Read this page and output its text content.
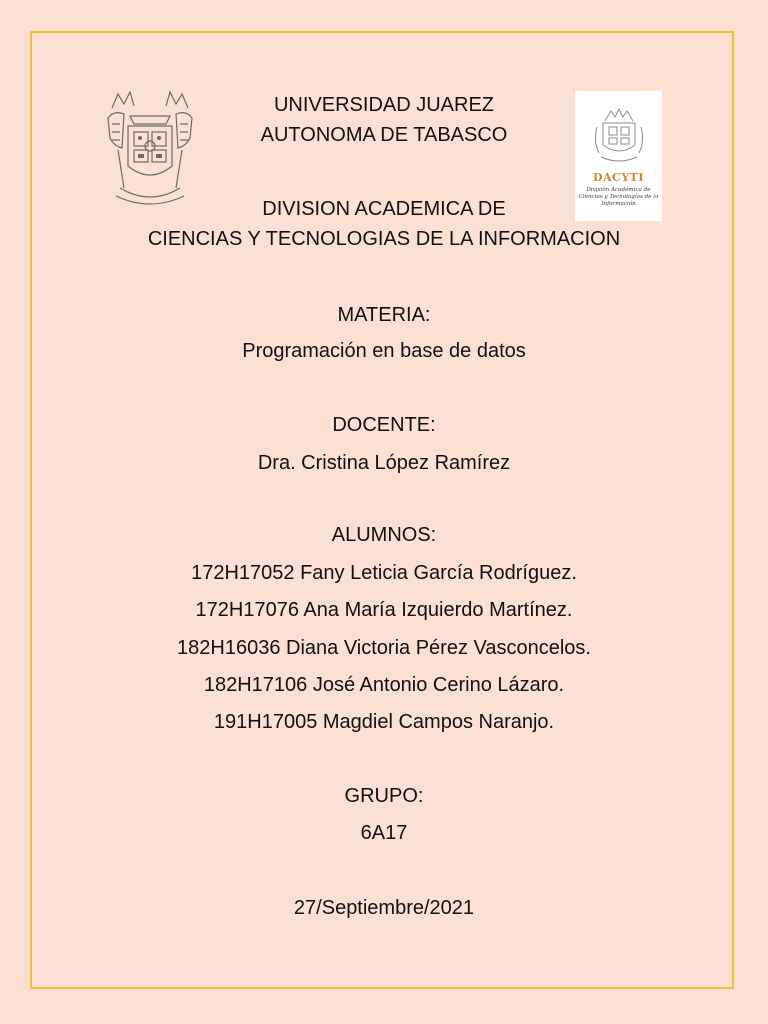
DACYTI
División Académica de Ciencias y Tecnologías de la Información
UNIVERSIDAD JUAREZ
AUTONOMA DE TABASCO
DIVISION ACADEMICA DE
CIENCIAS Y TECNOLOGIAS DE LA INFORMACION
MATERIA:
Programación en base de datos
DOCENTE:
Dra. Cristina López Ramírez
ALUMNOS:
172H17052 Fany Leticia García Rodríguez.
172H17076 Ana María Izquierdo Martínez.
182H16036 Diana Victoria Pérez Vasconcelos.
182H17106 José Antonio Cerino Lázaro.
191H17005 Magdiel Campos Naranjo.
GRUPO:
6A17
27/Septiembre/2021
